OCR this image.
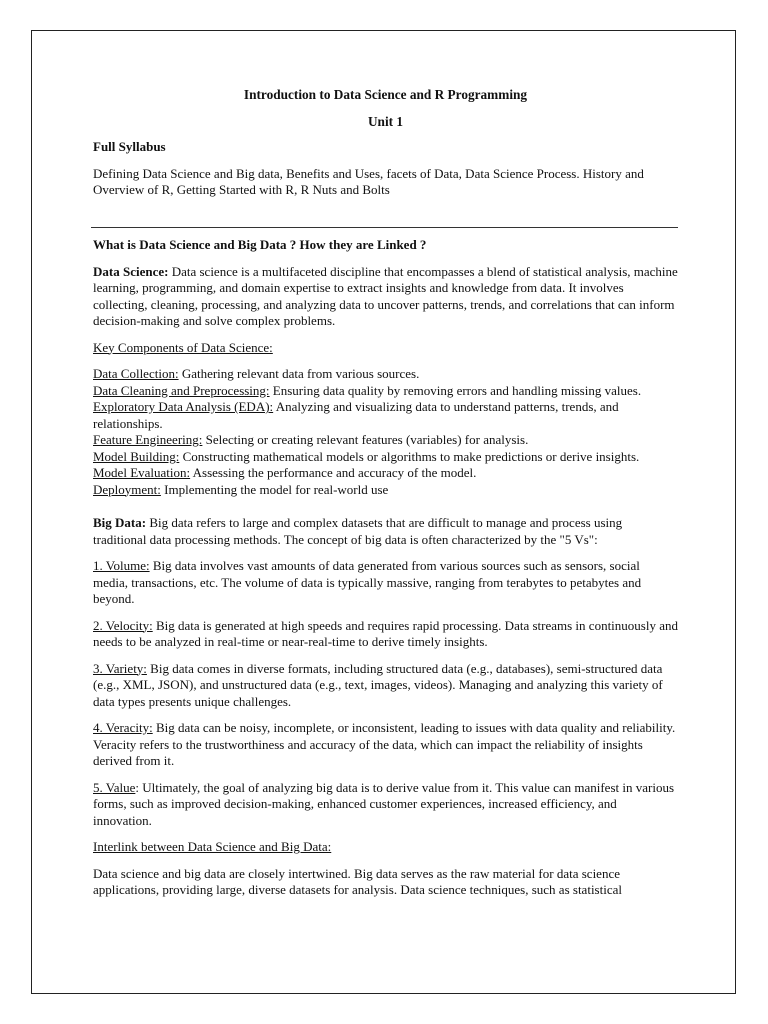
Introduction to Data Science and R Programming

Unit 1

Full Syllabus

Defining Data Science and Big data, Benefits and Uses, facets of Data, Data Science Process. History and Overview of R, Getting Started with R, R Nuts and Bolts

What is Data Science and Big Data ? How they are Linked ?

Data Science: Data science is a multifaceted discipline that encompasses a blend of statistical analysis, machine learning, programming, and domain expertise to extract insights and knowledge from data. It involves collecting, cleaning, processing, and analyzing data to uncover patterns, trends, and correlations that can inform decision-making and solve complex problems.

Key Components of Data Science:

Data Collection: Gathering relevant data from various sources.

Data Cleaning and Preprocessing: Ensuring data quality by removing errors and handling missing values.

Exploratory Data Analysis (EDA): Analyzing and visualizing data to understand patterns, trends, and relationships.

Feature Engineering: Selecting or creating relevant features (variables) for analysis.

Model Building: Constructing mathematical models or algorithms to make predictions or derive insights.

Model Evaluation: Assessing the performance and accuracy of the model.

Deployment: Implementing the model for real-world use

Big Data: Big data refers to large and complex datasets that are difficult to manage and process using traditional data processing methods. The concept of big data is often characterized by the "5 Vs":

1. Volume: Big data involves vast amounts of data generated from various sources such as sensors, social media, transactions, etc. The volume of data is typically massive, ranging from terabytes to petabytes and beyond.

2. Velocity: Big data is generated at high speeds and requires rapid processing. Data streams in continuously and needs to be analyzed in real-time or near-real-time to derive timely insights.

3. Variety: Big data comes in diverse formats, including structured data (e.g., databases), semi-structured data (e.g., XML, JSON), and unstructured data (e.g., text, images, videos). Managing and analyzing this variety of data types presents unique challenges.

4. Veracity: Big data can be noisy, incomplete, or inconsistent, leading to issues with data quality and reliability. Veracity refers to the trustworthiness and accuracy of the data, which can impact the reliability of insights derived from it.

5. Value: Ultimately, the goal of analyzing big data is to derive value from it. This value can manifest in various forms, such as improved decision-making, enhanced customer experiences, increased efficiency, and innovation.

Interlink between Data Science and Big Data:

Data science and big data are closely intertwined. Big data serves as the raw material for data science applications, providing large, diverse datasets for analysis. Data science techniques, such as statistical
